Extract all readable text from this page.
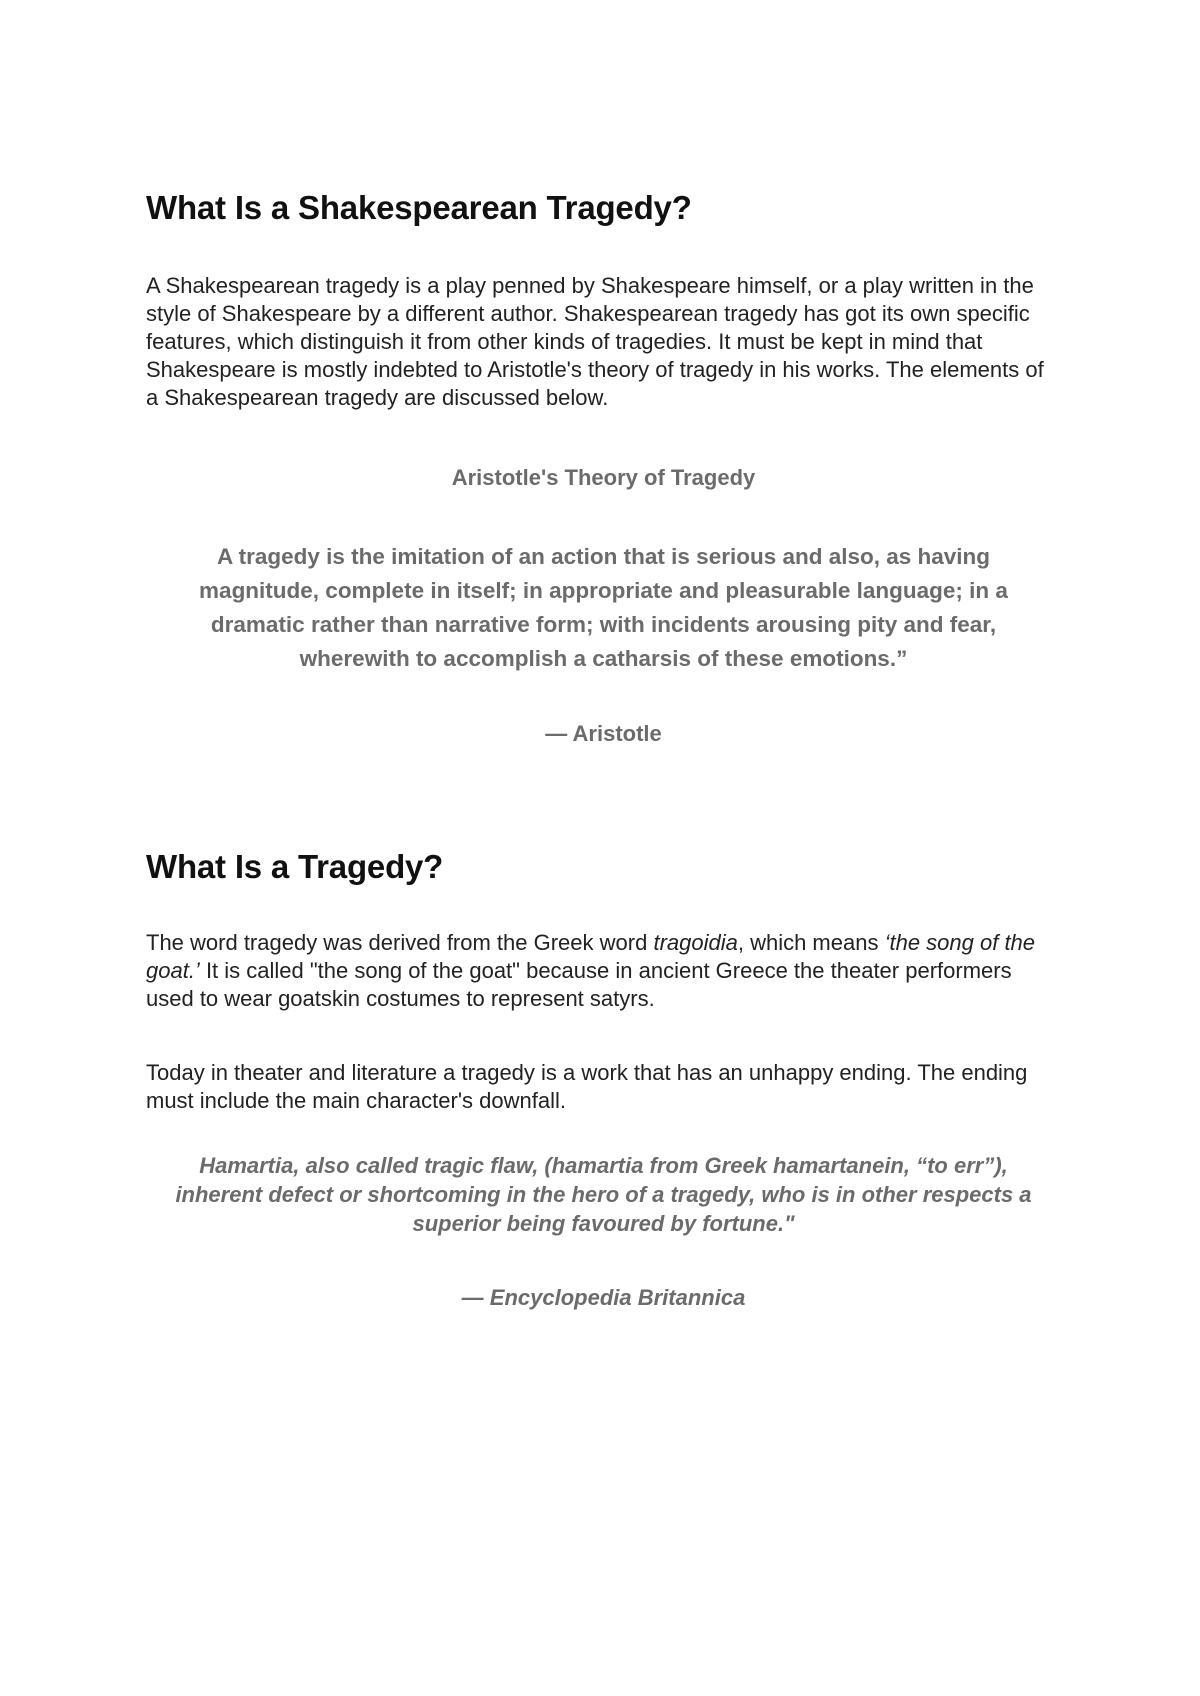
What Is a Shakespearean Tragedy?

A Shakespearean tragedy is a play penned by Shakespeare himself, or a play written in the style of Shakespeare by a different author. Shakespearean tragedy has got its own specific features, which distinguish it from other kinds of tragedies. It must be kept in mind that Shakespeare is mostly indebted to Aristotle's theory of tragedy in his works. The elements of a Shakespearean tragedy are discussed below.

Aristotle's Theory of Tragedy

A tragedy is the imitation of an action that is serious and also, as having magnitude, complete in itself; in appropriate and pleasurable language; in a dramatic rather than narrative form; with incidents arousing pity and fear, wherewith to accomplish a catharsis of these emotions.”

— Aristotle

What Is a Tragedy?

The word tragedy was derived from the Greek word tragoidia, which means ‘the song of the goat.’ It is called "the song of the goat" because in ancient Greece the theater performers used to wear goatskin costumes to represent satyrs.

Today in theater and literature a tragedy is a work that has an unhappy ending. The ending must include the main character's downfall.

Hamartia, also called tragic flaw, (hamartia from Greek hamartanein, “to err”), inherent defect or shortcoming in the hero of a tragedy, who is in other respects a superior being favoured by fortune."

— Encyclopedia Britannica
